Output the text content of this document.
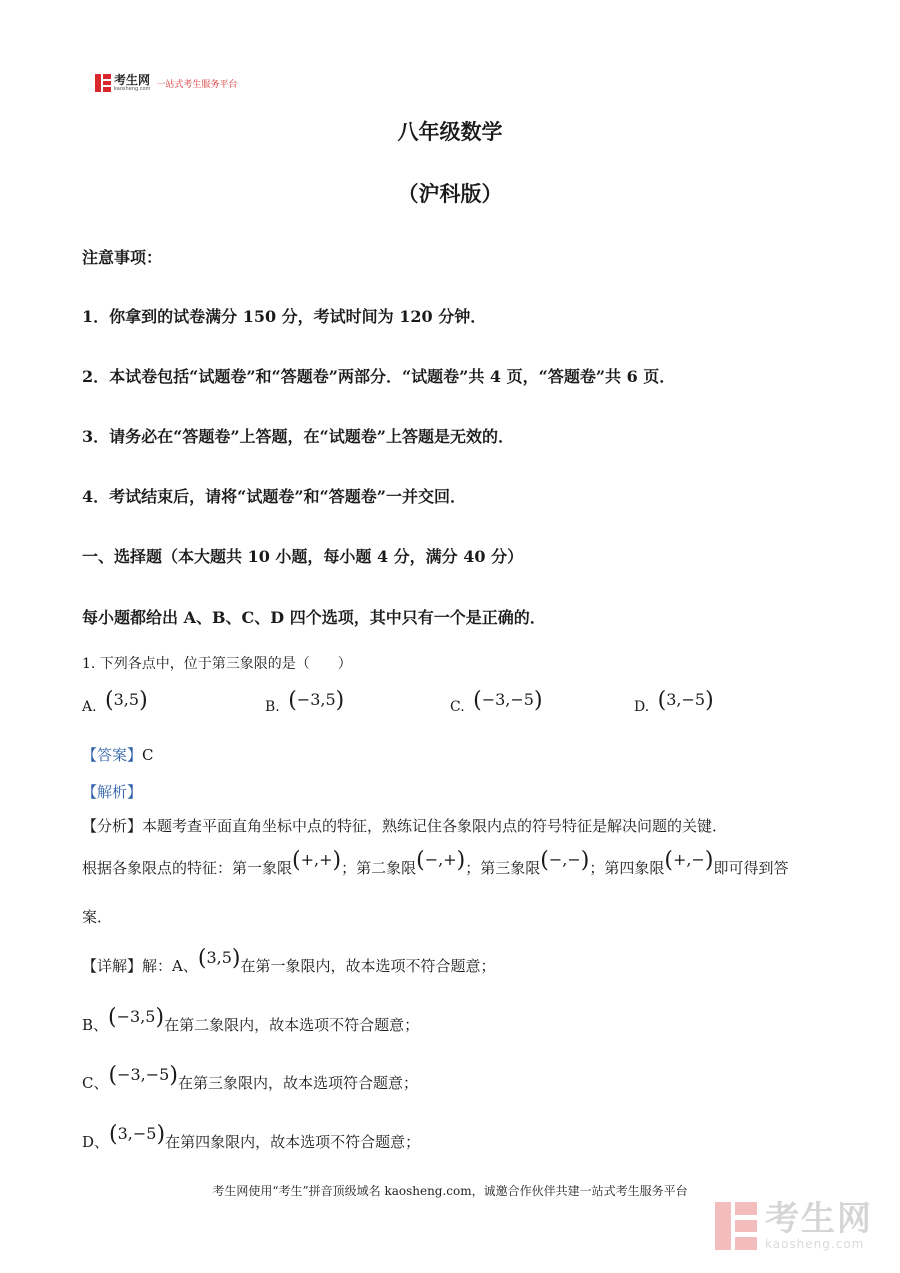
考生网
kaosheng.com 一站式考生服务平台
八年级数学
（沪科版）
注意事项：
1．你拿到的试卷满分 150 分，考试时间为 120 分钟．
2．本试卷包括“试题卷”和“答题卷”两部分．“试题卷”共 4 页，“答题卷”共 6 页．
3．请务必在“答题卷”上答题，在“试题卷”上答题是无效的．
4．考试结束后，请将“试题卷”和“答题卷”一并交回．
一、选择题（本大题共 10 小题，每小题 4 分，满分 40 分）
每小题都给出 A、B、C、D 四个选项，其中只有一个是正确的．
1. 下列各点中，位于第三象限的是（　　）
A. (3,5)	B. (−3,5)	C. (−3,−5)	D. (3,−5)
【答案】C
【解析】
【分析】本题考查平面直角坐标中点的特征，熟练记住各象限内点的符号特征是解决问题的关键．
根据各象限点的特征：第一象限(+,+)；第二象限(−,+)；第三象限(−,−)；第四象限(+,−)即可得到答
案．
【详解】解：A、(3,5)在第一象限内，故本选项不符合题意；
B、(−3,5)在第二象限内，故本选项不符合题意；
C、(−3,−5)在第三象限内，故本选项符合题意；
D、(3,−5)在第四象限内，故本选项不符合题意；
考生网使用“考生”拼音顶级域名 kaosheng.com，诚邀合作伙伴共建一站式考生服务平台
考生网
kaosheng.com
